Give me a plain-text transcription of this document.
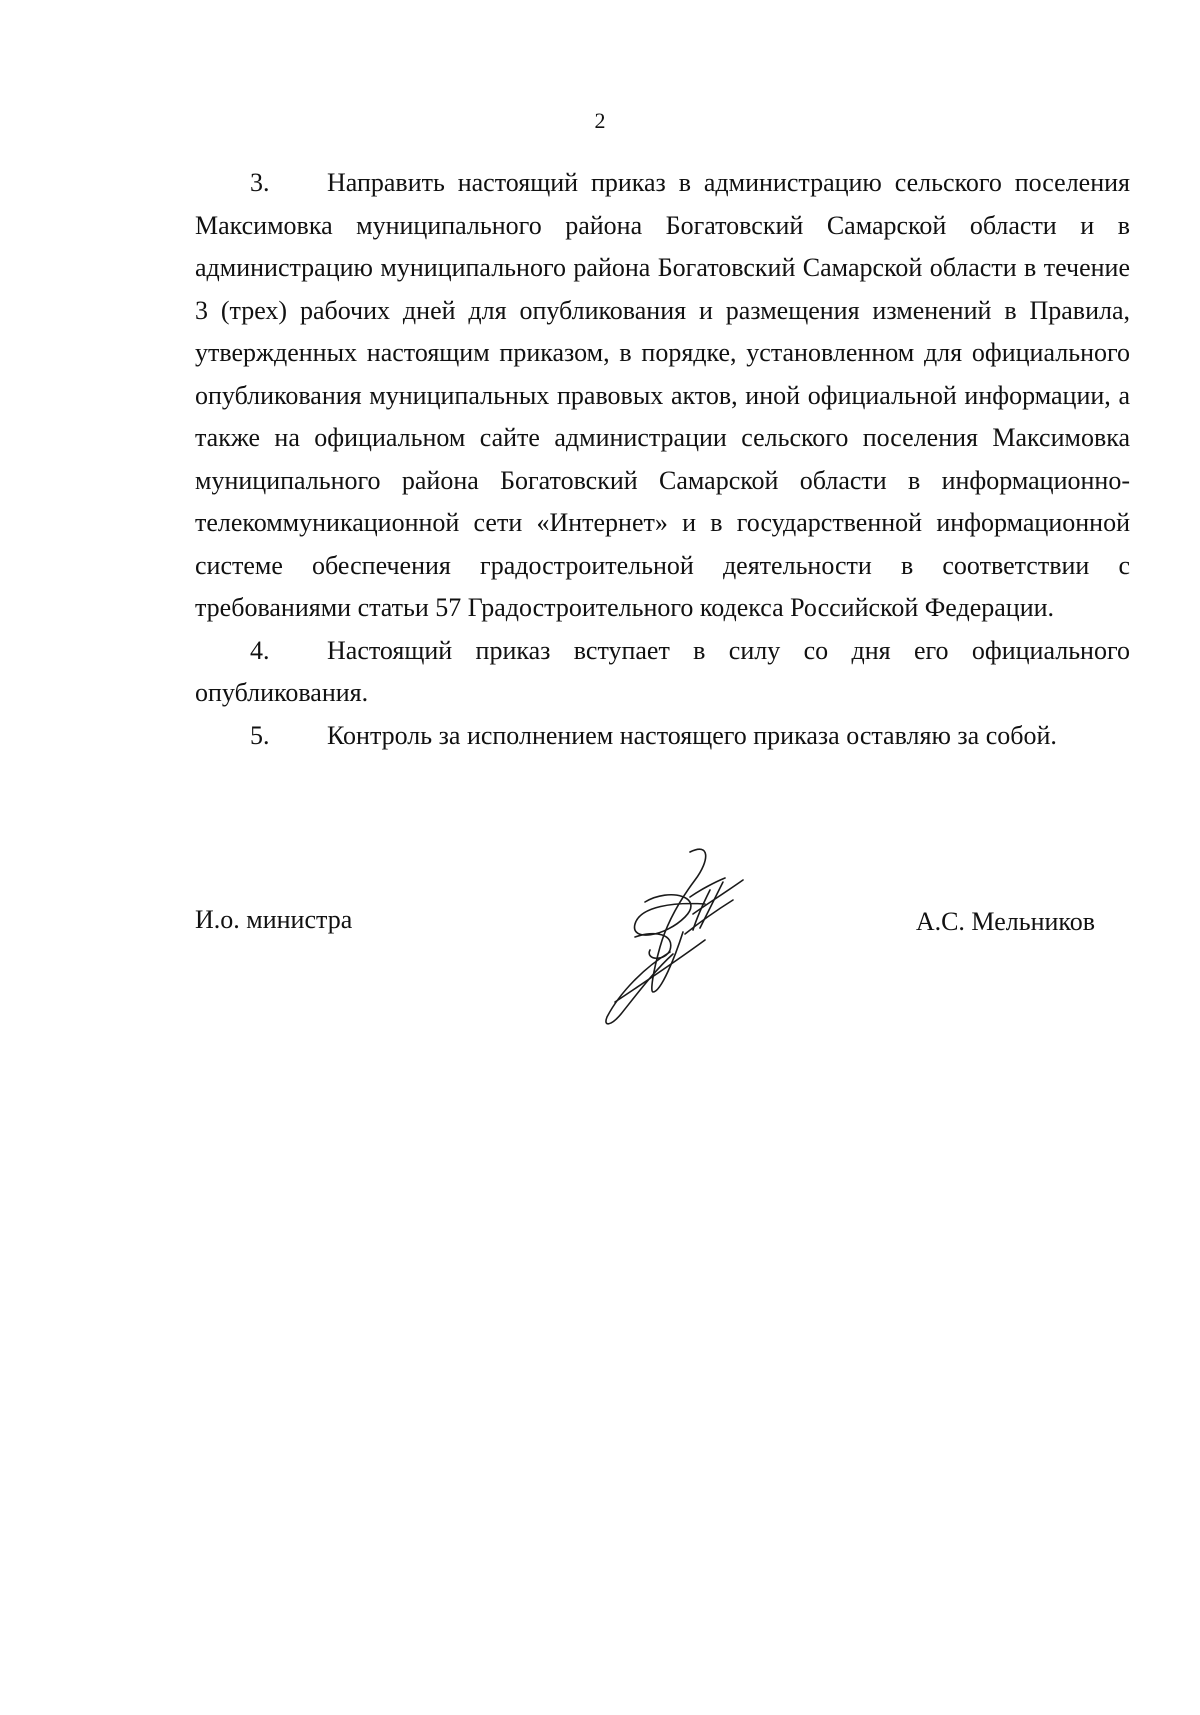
2

3. Направить настоящий приказ в администрацию сельского поселения Максимовка муниципального района Богатовский Самарской области и в администрацию муниципального района Богатовский Самарской области в течение 3 (трех) рабочих дней для опубликования и размещения изменений в Правила, утвержденных настоящим приказом, в порядке, установленном для официального опубликования муниципальных правовых актов, иной официальной информации, а также на официальном сайте администрации сельского поселения Максимовка муниципального района Богатовский Самарской области в информационно-телекоммуникационной сети «Интернет» и в государственной информационной системе обеспечения градостроительной деятельности в соответствии с требованиями статьи 57 Градостроительного кодекса Российской Федерации.

4. Настоящий приказ вступает в силу со дня его официального опубликования.

5. Контроль за исполнением настоящего приказа оставляю за собой.

И.о. министра	А.С. Мельников
